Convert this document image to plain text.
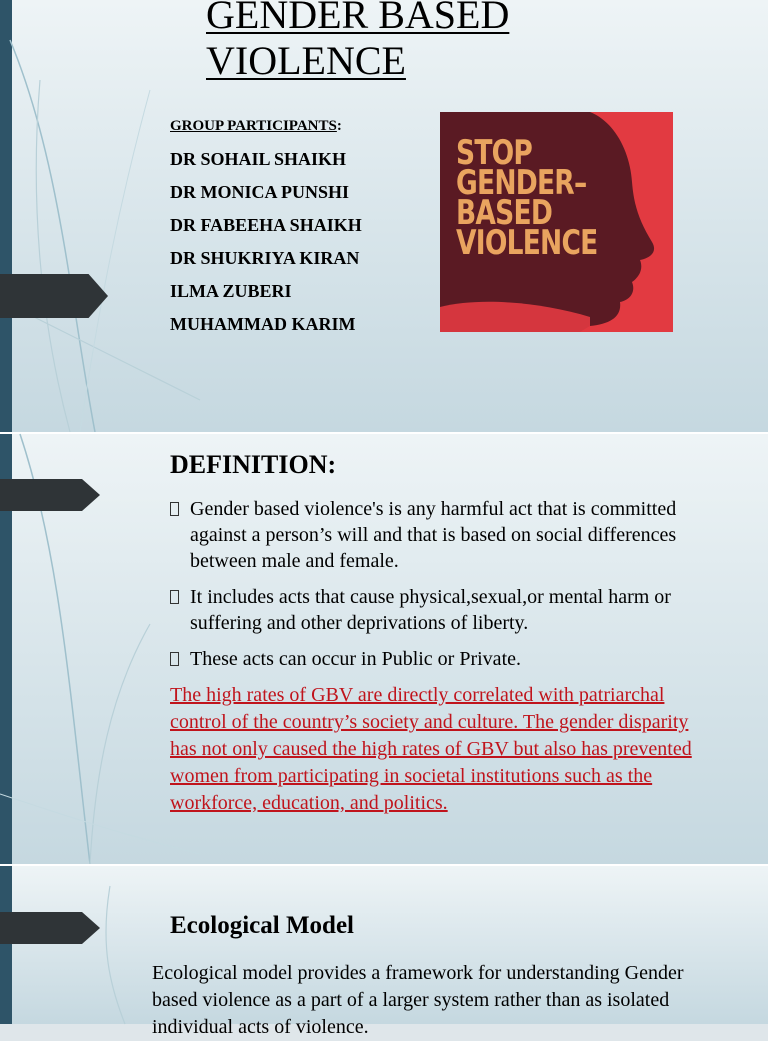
GENDER BASED
VIOLENCE
GROUP PARTICIPANTS:
DR SOHAIL SHAIKH
DR MONICA PUNSHI
DR FABEEHA SHAIKH
DR SHUKRIYA KIRAN
ILMA ZUBERI
MUHAMMAD KARIM
STOP
GENDER–
BASED
VIOLENCE
DEFINITION:
Gender based violence's is any harmful act that is committed against a person’s will and that is based on social differences between male and female.
It includes acts that cause physical,sexual,or mental harm or suffering and other deprivations of liberty.
These acts can occur in Public or Private.

The high rates of GBV are directly correlated with patriarchal control of the country’s society and culture. The gender disparity has not only caused the high rates of GBV but also has prevented women from participating in societal institutions such as the workforce, education, and politics.

Ecological Model

Ecological model provides a framework for understanding Gender based violence as a part of a larger system rather than as isolated individual acts of violence.
